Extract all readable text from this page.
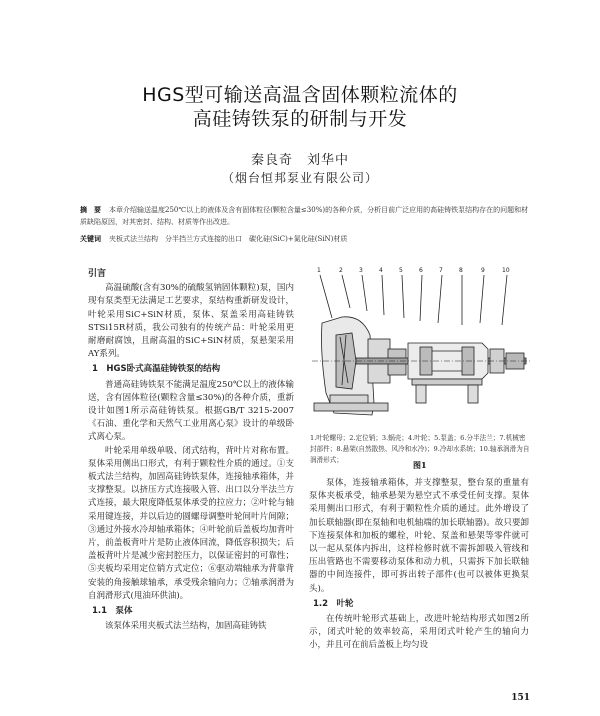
HGS型可输送高温含固体颗粒流体的
高硅铸铁泵的研制与开发
秦良奇　刘华中
（烟台恒邦泵业有限公司）
摘　要 本章介绍输送温度250℃以上的液体及含有固体粒径(颗粒含量≤30%)的各种介质，分析目前广泛应用的高硅铸铁泵结构存在的问题和材质缺陷原因，对其密封、结构、材质等作出改进。
关键词 夹板式法兰结构　分半挡兰方式连接的出口　碳化硅(SiC)+氮化硅(SiN)材质
引言

高温硫酸(含有30%的硫酸氢钠固体颗粒)泵，国内现有泵类型无法满足工艺要求，泵结构重新研发设计，叶轮采用SiC+SiN材质，泵体、泵盖采用高硅铸铁STSi15R材质，我公司独有的传统产品：叶轮采用更耐磨耐腐蚀，且耐高温的SiC+SiN材质，泵悬架采用AY系列。

1　HGS卧式高温硅铸铁泵的结构

普通高硅铸铁泵不能满足温度250℃以上的液体输送，含有固体粒径(颗粒含量≤30%)的各种介质，重新设计如图1所示高硅铸铁泵。根据GB/T 3215-2007《石油、重化学和天然气工业用离心泵》设计的单级卧式离心泵。

叶轮采用单级单吸、闭式结构，背叶片对称布置。泵体采用侧出口形式，有利于颗粒性介质的通过。①支板式法兰结构，加固高硅铸铁泵体，连接轴承箱体，并支撑整泵。以挤压方式连接吸入管、出口以分半法兰方式连接，最大限度降低泵体承受的拉应力；②叶轮与轴采用键连接，并以后边的圆螺母调整叶轮间叶片间隙；③通过外接水冷却轴承箱体；④叶轮前后盖板均加背叶片，前盖板背叶片是防止液体回流，降低容积损失；后盖板背叶片是减少密封腔压力，以保证密封的可靠性；⑤夹板均采用定位销方式定位；⑥驱动端轴承为背靠背安装的角接触球轴承，承受残余轴向力；⑦轴承润滑为自润滑形式(甩油环供油)。

1.1　泵体

该泵体采用夹板式法兰结构，加固高硅铸铁

1	2	3	4	5	6	7	8	9	10
1.叶轮螺母；2.定位销；3.蜗壳；4.叶轮；5.泵盖；6.分半法兰；7.机械密封部件；8.悬架(自然散热、风冷和水冷)；9.冷却水系统；10.轴承润滑为自润滑形式；	图1

泵体，连接轴承箱体，并支撑整泵，整台泵的重量有泵体夹板承受，轴承悬架为悬空式不承受任何支撑。泵体采用侧出口形式，有利于颗粒性介质的通过。此外增设了加长联轴器(即在泵轴和电机轴端的加长联轴器)。故只要卸下连接泵体和加板的螺栓，叶轮、泵盖和悬架等零件就可以一起从泵体内拆出，这样检修时就不需拆卸吸入管线和压出管路也不需要移动泵体和动力机，只需拆下加长联轴器的中间连接件，即可拆出转子部件(也可以被体更换泵头)。

1.2　叶轮

在传统叶轮形式基础上，改进叶轮结构形式如图2所示，闭式叶轮的效率较高，采用闭式叶轮产生的轴向力小，并且可在前后盖板上均匀设

151
